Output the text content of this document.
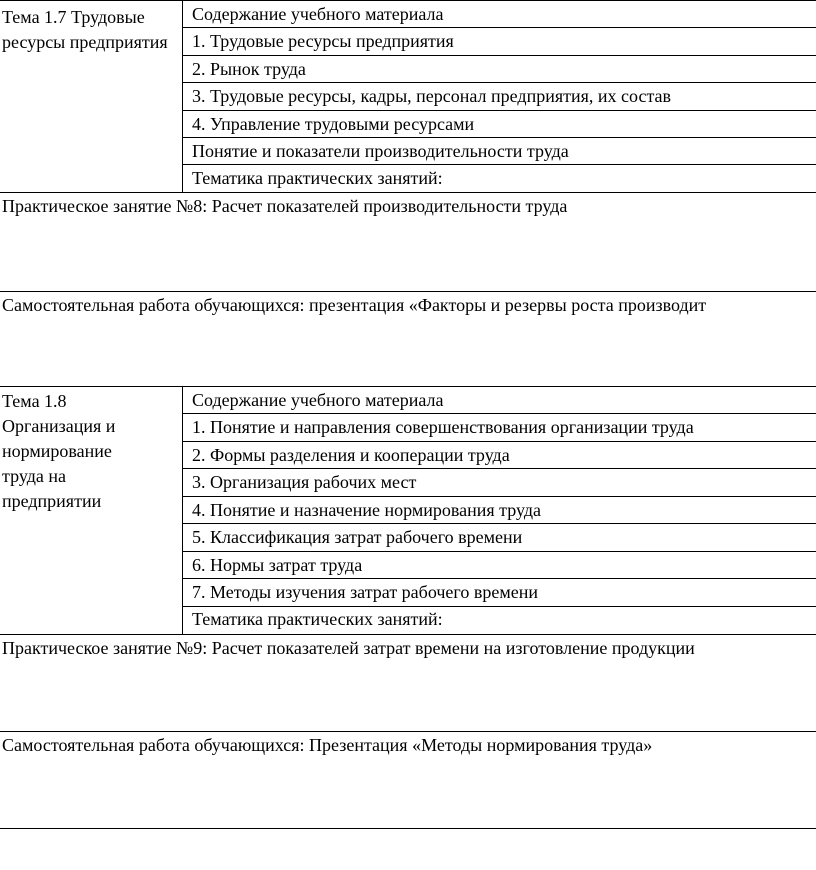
Тема 1.7 Трудовые ресурсы предприятия
Содержание учебного материала
1. Трудовые ресурсы предприятия
2. Рынок труда
3. Трудовые ресурсы, кадры, персонал предприятия, их состав
4. Управление трудовыми ресурсами
Понятие и показатели производительности труда
Тематика практических занятий:
Практическое занятие №8: Расчет показателей производительности труда
Самостоятельная работа обучающихся: презентация «Факторы и резервы роста производит
Тема 1.8 Организация и нормирование труда на предприятии
Содержание учебного материала
1. Понятие и направления совершенствования организации труда
2. Формы разделения и кооперации труда
3. Организация рабочих мест
4. Понятие и назначение нормирования труда
5. Классификация затрат рабочего времени
6. Нормы затрат труда
7. Методы изучения затрат рабочего времени
Тематика практических занятий:
Практическое занятие №9: Расчет показателей затрат времени на изготовление продукции
Самостоятельная работа обучающихся: Презентация «Методы нормирования труда»
